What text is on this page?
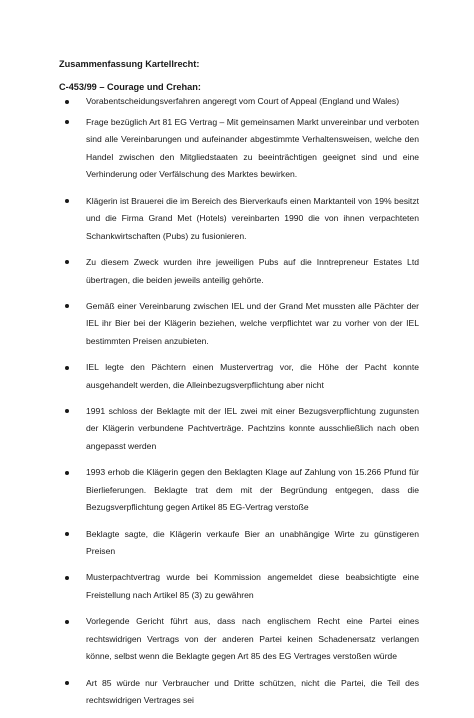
Zusammenfassung Kartellrecht:
C-453/99 – Courage und Crehan:
Vorabentscheidungsverfahren angeregt vom Court of Appeal (England und Wales)
Frage bezüglich Art 81 EG Vertrag – Mit gemeinsamen Markt unvereinbar und verboten sind alle Vereinbarungen und aufeinander abgestimmte Verhaltensweisen, welche den Handel zwischen den Mitgliedstaaten zu beeinträchtigen geeignet sind und eine Verhinderung oder Verfälschung des Marktes bewirken.
Klägerin ist Brauerei die im Bereich des Bierverkaufs einen Marktanteil von 19% besitzt und die Firma Grand Met (Hotels) vereinbarten 1990 die von ihnen verpachteten Schankwirtschaften (Pubs) zu fusionieren.
Zu diesem Zweck wurden ihre jeweiligen Pubs auf die Inntrepreneur Estates Ltd übertragen, die beiden jeweils anteilig gehörte.
Gemäß einer Vereinbarung zwischen IEL und der Grand Met mussten alle Pächter der IEL ihr Bier bei der Klägerin beziehen, welche verpflichtet war zu vorher von der IEL bestimmten Preisen anzubieten.
IEL legte den Pächtern einen Mustervertrag vor, die Höhe der Pacht konnte ausgehandelt werden, die Alleinbezugsverpflichtung aber nicht
1991 schloss der Beklagte mit der IEL zwei mit einer Bezugsverpflichtung zugunsten der Klägerin verbundene Pachtverträge. Pachtzins konnte ausschließlich nach oben angepasst werden
1993 erhob die Klägerin gegen den Beklagten Klage auf Zahlung von 15.266 Pfund für Bierlieferungen. Beklagte trat dem mit der Begründung entgegen, dass die Bezugsverpflichtung gegen Artikel 85 EG-Vertrag verstoße
Beklagte sagte, die Klägerin verkaufe Bier an unabhängige Wirte zu günstigeren Preisen
Musterpachtvertrag wurde bei Kommission angemeldet diese beabsichtigte eine Freistellung nach Artikel 85 (3) zu gewähren
Vorlegende Gericht führt aus, dass nach englischem Recht eine Partei eines rechtswidrigen Vertrags von der anderen Partei keinen Schadenersatz verlangen könne, selbst wenn die Beklagte gegen Art 85 des EG Vertrages verstoßen würde
Art 85 würde nur Verbraucher und Dritte schützen, nicht die Partei, die Teil des rechtswidrigen Vertrages sei
